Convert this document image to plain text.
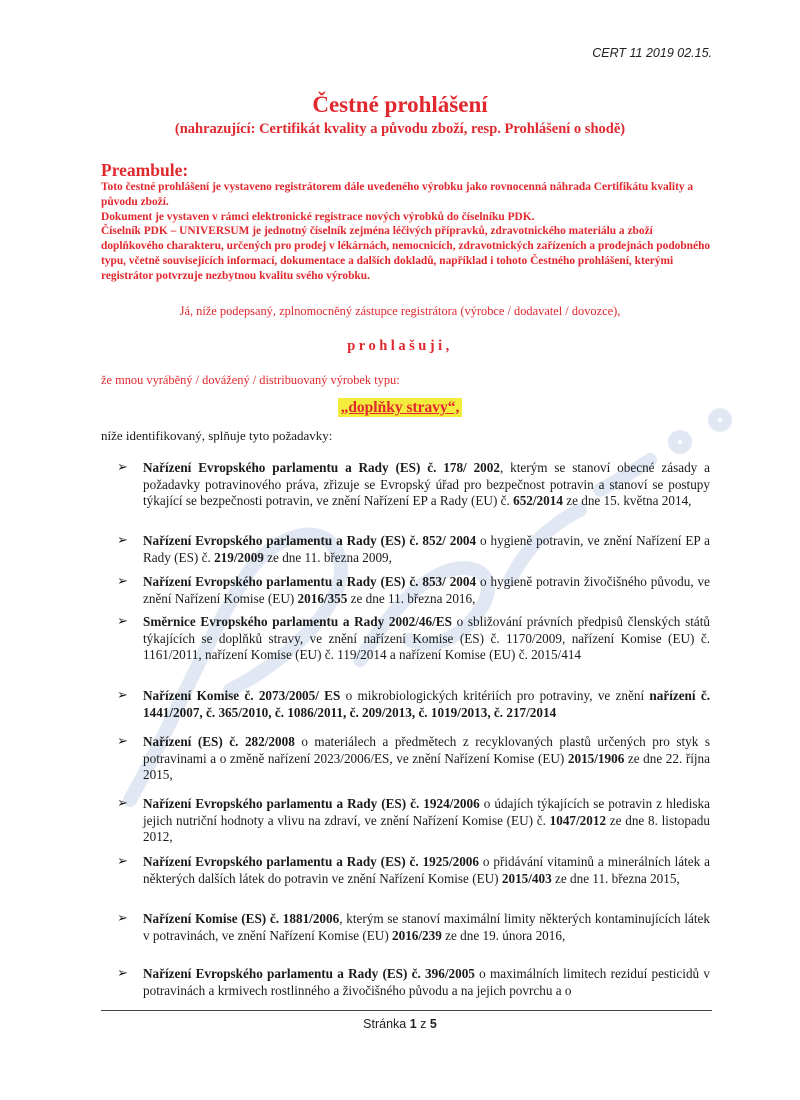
CERT 11 2019 02.15.
Čestné prohlášení
(nahrazující: Certifikát kvality a původu zboží, resp. Prohlášení o shodě)
Preambule:

Toto čestné prohlášení je vystaveno registrátorem dále uvedeného výrobku jako rovnocenná náhrada Certifikátu kvality a původu zboží.

Dokument je vystaven v rámci elektronické registrace nových výrobků do číselníku PDK.

Číselník PDK – UNIVERSUM je jednotný číselník zejména léčivých přípravků, zdravotnického materiálu a zboží doplňkového charakteru, určených pro prodej v lékárnách, nemocnicích, zdravotnických zařízeních a prodejnách podobného typu, včetně souvisejících informací, dokumentace a dalších dokladů, například i tohoto Čestného prohlášení, kterými registrátor potvrzuje nezbytnou kvalitu svého výrobku.

Já, níže podepsaný, zplnomocněný zástupce registrátora (výrobce / dodavatel / dovozce),
prohlašuji,
že mnou vyráběný / dovážený / distribuovaný výrobek typu:
„doplňky stravy“,
níže identifikovaný, splňuje tyto požadavky:
➢ Nařízení Evropského parlamentu a Rady (ES) č. 178/ 2002, kterým se stanoví obecné zásady a požadavky potravinového práva, zřizuje se Evropský úřad pro bezpečnost potravin a stanoví se postupy týkající se bezpečnosti potravin, ve znění Nařízení EP a Rady (EU) č. 652/2014 ze dne 15. května 2014,
➢ Nařízení Evropského parlamentu a Rady (ES) č. 852/ 2004 o hygieně potravin, ve znění Nařízení EP a Rady (ES) č. 219/2009 ze dne 11. března 2009,
➢ Nařízení Evropského parlamentu a Rady (ES) č. 853/ 2004 o hygieně potravin živočišného původu, ve znění Nařízení Komise (EU) 2016/355 ze dne 11. března 2016,
➢ Směrnice Evropského parlamentu a Rady 2002/46/ES o sbližování právních předpisů členských států týkajících se doplňků stravy, ve znění nařízení Komise (ES) č. 1170/2009, nařízení Komise (EU) č. 1161/2011, nařízení Komise (EU) č. 119/2014 a nařízení Komise (EU) č. 2015/414
➢ Nařízení Komise č. 2073/2005/ ES o mikrobiologických kritériích pro potraviny, ve znění nařízení č. 1441/2007, č. 365/2010, č. 1086/2011, č. 209/2013, č. 1019/2013, č. 217/2014
➢ Nařízení (ES) č. 282/2008 o materiálech a předmětech z recyklovaných plastů určených pro styk s potravinami a o změně nařízení 2023/2006/ES, ve znění Nařízení Komise (EU) 2015/1906 ze dne 22. října 2015,
➢ Nařízení Evropského parlamentu a Rady (ES) č. 1924/2006 o údajích týkajících se potravin z hlediska jejich nutriční hodnoty a vlivu na zdraví, ve znění Nařízení Komise (EU) č. 1047/2012 ze dne 8. listopadu 2012,
➢ Nařízení Evropského parlamentu a Rady (ES) č. 1925/2006 o přidávání vitaminů a minerálních látek a některých dalších látek do potravin ve znění Nařízení Komise (EU) 2015/403 ze dne 11. března 2015,
➢ Nařízení Komise (ES) č. 1881/2006, kterým se stanoví maximální limity některých kontaminujících látek v potravinách, ve znění Nařízení Komise (EU) 2016/239 ze dne 19. února 2016,
➢ Nařízení Evropského parlamentu a Rady (ES) č. 396/2005 o maximálních limitech reziduí pesticidů v potravinách a krmivech rostlinného a živočišného původu a na jejich povrchu a o
Stránka 1 z 5
